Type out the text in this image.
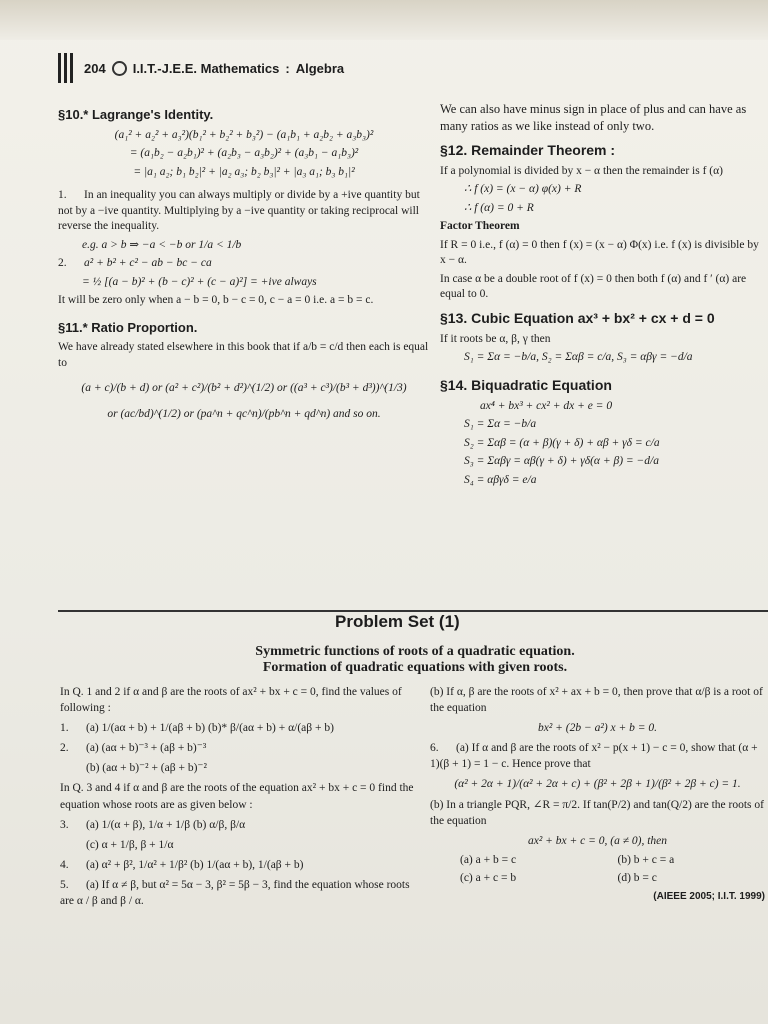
204 I.I.T.-J.E.E. Mathematics : Algebra
§10.* Lagrange's Identity.
(a₁² + a₂² + a₃²)(b₁² + b₂² + b₃²) − (a₁b₁ + a₂b₂ + a₃b₃)²
= (a₁b₂ − a₂b₁)² + (a₂b₃ − a₃b₂)² + (a₃b₁ − a₁b₃)²
= |a₁ a₂; b₁ b₂|² + |a₂ a₃; b₂ b₃|² + |a₃ a₁; b₃ b₁|²
1. In an inequality you can always multiply or divide by a +ive quantity but not by a −ive quantity. Multiplying by a −ive quantity or taking reciprocal will reverse the inequality.
e.g. a > b ⇒ −a < −b or 1/a < 1/b
2. a² + b² + c² − ab − bc − ca
= ½ [(a − b)² + (b − c)² + (c − a)²] = +ive always
It will be zero only when a − b = 0, b − c = 0, c − a = 0 i.e. a = b = c.
§11.* Ratio Proportion.
We have already stated elsewhere in this book that if a/b = c/d then each is equal to
(a + c)/(b + d) or (a² + c²)/(b² + d²)^(1/2) or ((a³ + c³)/(b³ + d³))^(1/3)
or (ac/bd)^(1/2) or (pa^n + qc^n)/(pb^n + qd^n) and so on.
We can also have minus sign in place of plus and can have as many ratios as we like instead of only two.
§12. Remainder Theorem :
If a polynomial is divided by x − α then the remainder is f (α)
∴ f (x) = (x − α) φ(x) + R
∴ f (α) = 0 + R
Factor Theorem
If R = 0 i.e., f (α) = 0 then f (x) = (x − α) Φ(x) i.e. f (x) is divisible by x − α.
In case α be a double root of f (x) = 0 then both f (α) and f ′ (α) are equal to 0.
§13. Cubic Equation ax³ + bx² + cx + d = 0
If it roots be α, β, γ then
S₁ = Σα = −b/a, S₂ = Σαβ = c/a, S₃ = αβγ = −d/a
§14. Biquadratic Equation
ax⁴ + bx³ + cx² + dx + e = 0
S₁ = Σα = −b/a
S₂ = Σαβ = (α + β)(γ + δ) + αβ + γδ = c/a
S₃ = Σαβγ = αβ(γ + δ) + γδ(α + β) = −d/a
S₄ = αβγδ = e/a
Problem Set (1)
Symmetric functions of roots of a quadratic equation.
Formation of quadratic equations with given roots.
In Q. 1 and 2 if α and β are the roots of ax² + bx + c = 0, find the values of following :
1. (a) 1/(aα + b) + 1/(aβ + b) (b)* β/(aα + b) + α/(aβ + b)
2. (a) (aα + b)⁻³ + (aβ + b)⁻³
(b) (aα + b)⁻² + (aβ + b)⁻²
In Q. 3 and 4 if α and β are the roots of the equation ax² + bx + c = 0 find the equation whose roots are as given below :
3. (a) 1/(α + β), 1/α + 1/β (b) α/β, β/α
(c) α + 1/β, β + 1/α
4. (a) α² + β², 1/α² + 1/β² (b) 1/(aα + b), 1/(aβ + b)
5. (a) If α ≠ β, but α² = 5α − 3, β² = 5β − 3, find the equation whose roots are α / β and β / α.
(b) If α, β are the roots of x² + ax + b = 0, then prove that α/β is a root of the equation
bx² + (2b − a²) x + b = 0.
6. (a) If α and β are the roots of x² − p(x + 1) − c = 0, show that (α + 1)(β + 1) = 1 − c. Hence prove that
(α² + 2α + 1)/(α² + 2α + c) + (β² + 2β + 1)/(β² + 2β + c) = 1.
(b) In a triangle PQR, ∠R = π/2. If tan(P/2) and tan(Q/2) are the roots of the equation
ax² + bx + c = 0, (a ≠ 0), then
(a) a + b = c	(b) b + c = a
(c) a + c = b	(d) b = c
(AIEEE 2005; I.I.T. 1999)
